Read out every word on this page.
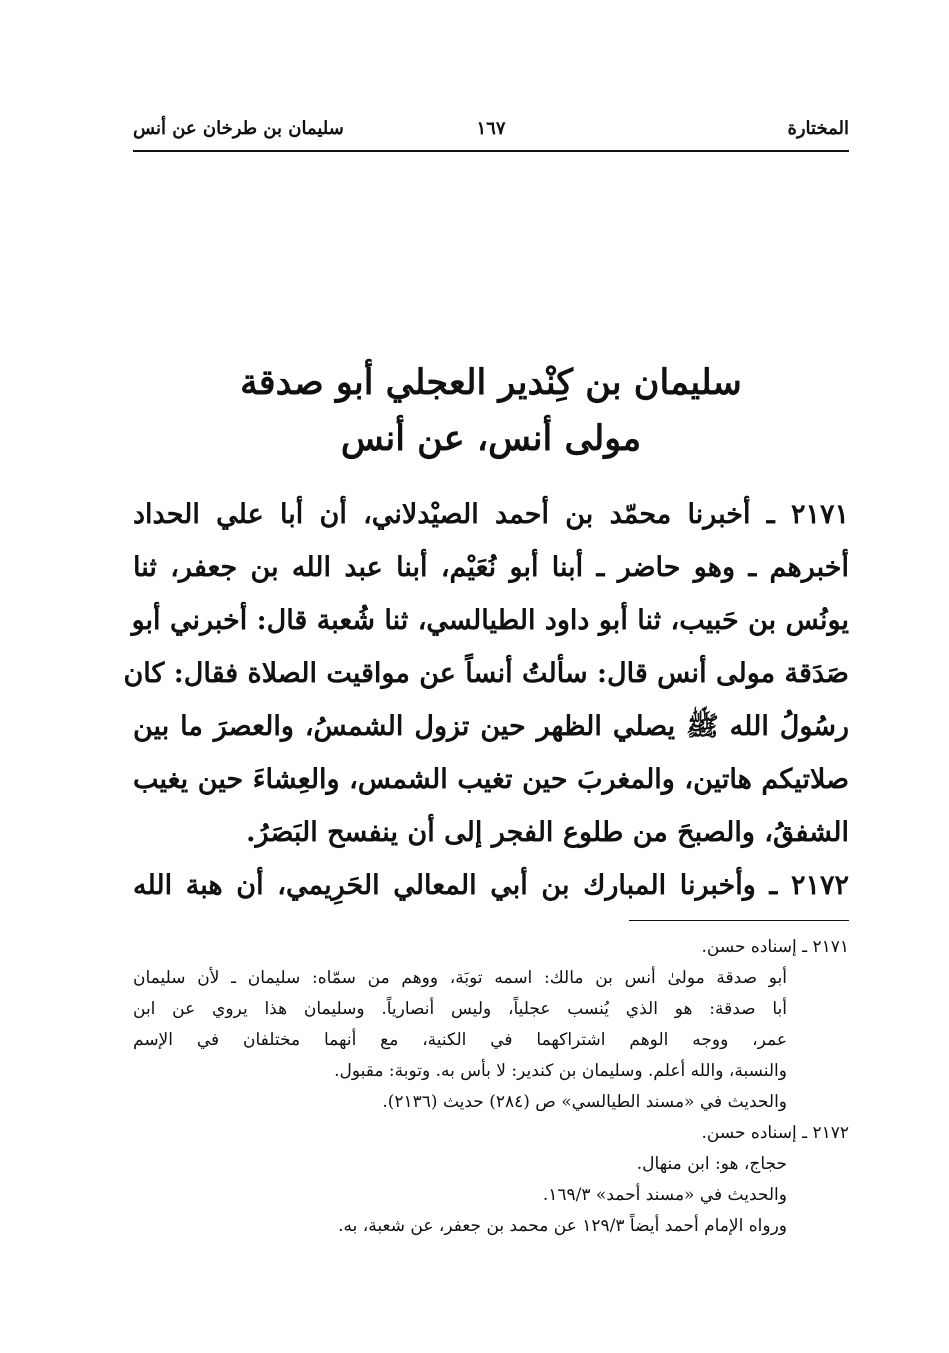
المختارة
١٦٧
سليمان بن طرخان عن أنس
سليمان بن كِنْدير العجلي أبو صدقة
مولى أنس، عن أنس
٢١٧١ ـ أخبرنا محمّد بن أحمد الصيْدلاني، أن أبا علي الحداد
أخبرهم ـ وهو حاضر ـ أبنا أبو نُعَيْم، أبنا عبد الله بن جعفر، ثنا
يونُس بن حَبيب، ثنا أبو داود الطيالسي، ثنا شُعبة قال: أخبرني أبو
صَدَقة مولى أنس قال: سألتُ أنساً عن مواقيت الصلاة فقال: كان
رسُولُ الله ﷺ يصلي الظهر حين تزول الشمسُ، والعصرَ ما بين
صلاتيكم هاتين، والمغربَ حين تغيب الشمس، والعِشاءَ حين يغيب
الشفقُ، والصبحَ من طلوع الفجر إلى أن ينفسح البَصَرُ.
٢١٧٢ ـ وأخبرنا المبارك بن أبي المعالي الحَرِيمي، أن هبة الله
٢١٧١ ـ إسناده حسن.
أبو صدقة مولىٰ أنس بن مالك: اسمه توبَة، ووهم من سمّاه: سليمان ـ لأن سليمان
أبا صدقة: هو الذي يُنسب عجلياً، وليس أنصارياً. وسليمان هذا يروي عن ابن
عمر، ووجه الوهم اشتراكهما في الكنية، مع أنهما مختلفان في الإسم
والنسبة، والله أعلم. وسليمان بن كندير: لا بأس به. وتوبة: مقبول.
والحديث في «مسند الطيالسي» ص (٢٨٤) حديث (٢١٣٦).
٢١٧٢ ـ إسناده حسن.
حجاج، هو: ابن منهال.
والحديث في «مسند أحمد» ١٦٩/٣.
ورواه الإمام أحمد أيضاً ١٢٩/٣ عن محمد بن جعفر، عن شعبة، به.
